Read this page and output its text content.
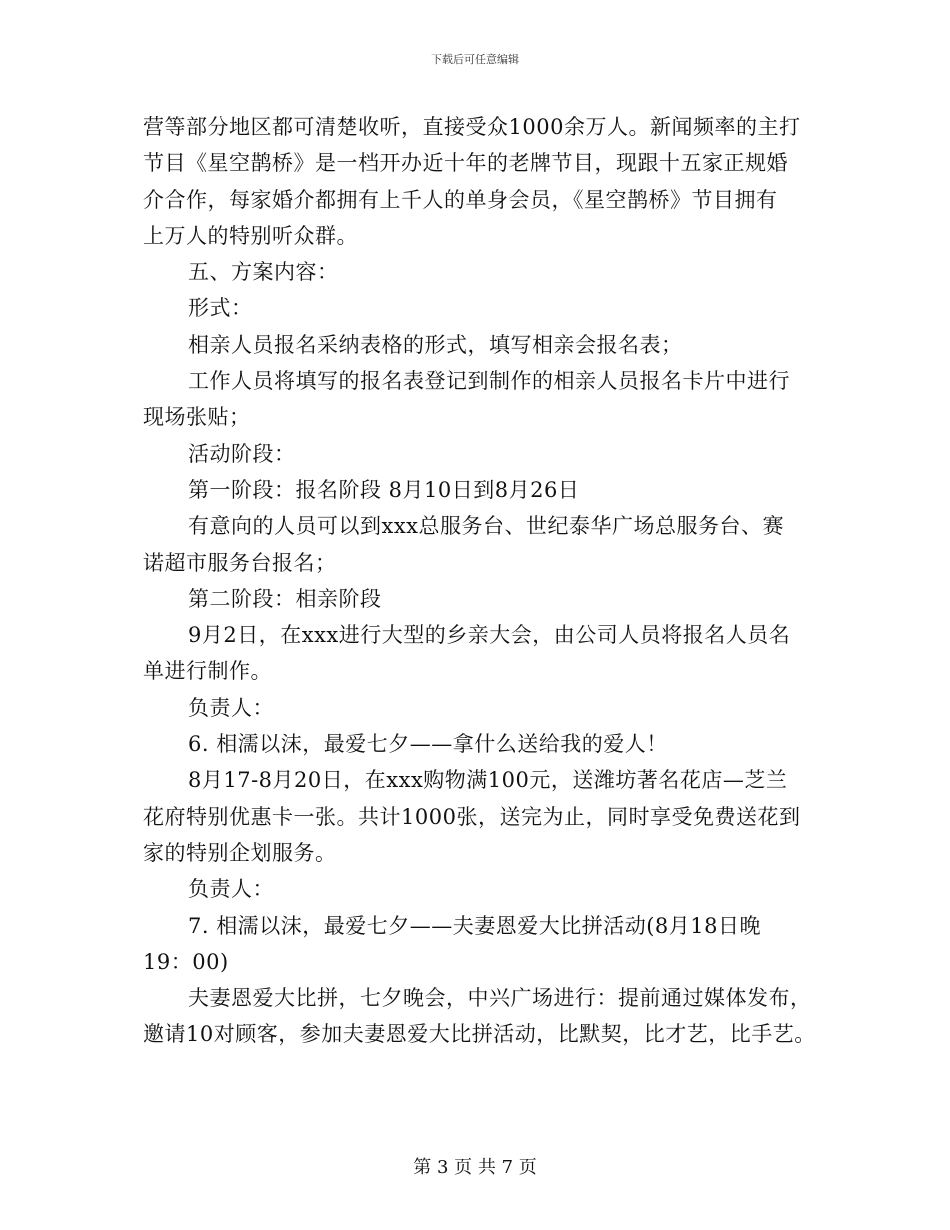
下载后可任意编辑
营等部分地区都可清楚收听，直接受众1000余万人。新闻频率的主打
节目《星空鹊桥》是一档开办近十年的老牌节目，现跟十五家正规婚
介合作，每家婚介都拥有上千人的单身会员，《星空鹊桥》节目拥有
上万人的特别听众群。
五、方案内容：
形式：
相亲人员报名采纳表格的形式，填写相亲会报名表；
工作人员将填写的报名表登记到制作的相亲人员报名卡片中进行
现场张贴；
活动阶段：
第一阶段：报名阶段 8月10日到8月26日
有意向的人员可以到xxx总服务台、世纪泰华广场总服务台、赛
诺超市服务台报名；
第二阶段：相亲阶段
9月2日，在xxx进行大型的乡亲大会，由公司人员将报名人员名
单进行制作。
负责人：
6. 相濡以沫，最爱七夕——拿什么送给我的爱人！
8月17-8月20日，在xxx购物满100元，送潍坊著名花店—芝兰
花府特别优惠卡一张。共计1000张，送完为止，同时享受免费送花到
家的特别企划服务。
负责人：
7. 相濡以沫，最爱七夕——夫妻恩爱大比拼活动(8月18日晚
19：00)
夫妻恩爱大比拼，七夕晚会，中兴广场进行：提前通过媒体发布，
邀请10对顾客，参加夫妻恩爱大比拼活动，比默契，比才艺，比手艺。
第 3 页 共 7 页
